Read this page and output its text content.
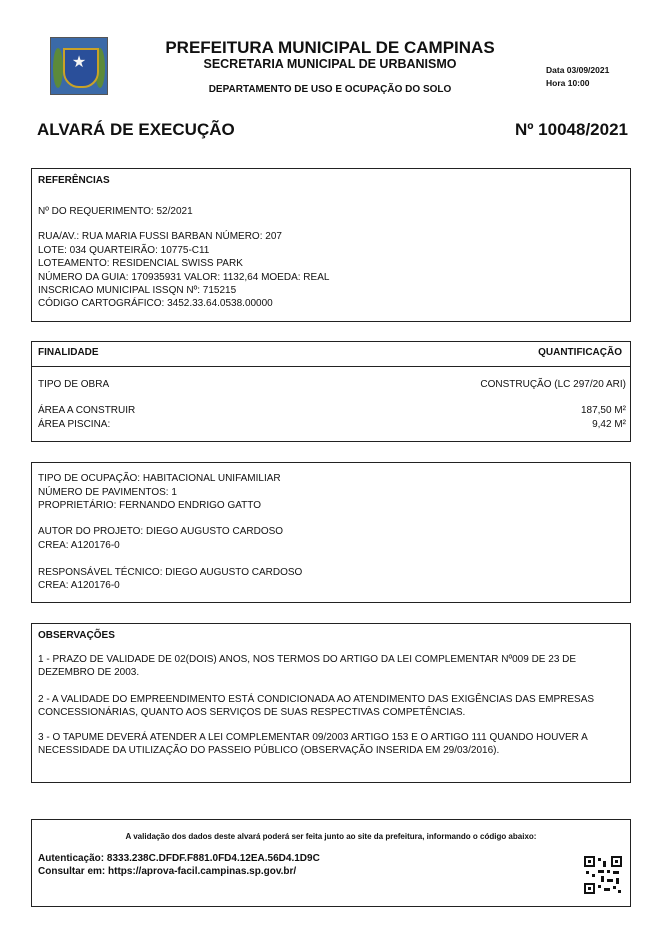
★
PREFEITURA MUNICIPAL DE CAMPINAS
SECRETARIA MUNICIPAL DE URBANISMO
DEPARTAMENTO DE USO E OCUPAÇÃO DO SOLO
Data 03/09/2021
Hora 10:00
ALVARÁ DE EXECUÇÃO	Nº 10048/2021
REFERÊNCIAS
Nº DO REQUERIMENTO: 52/2021
RUA/AV.: RUA MARIA FUSSI BARBAN NÚMERO: 207
LOTE: 034 QUARTEIRÃO: 10775-C11
LOTEAMENTO: RESIDENCIAL SWISS PARK
NÚMERO DA GUIA: 170935931 VALOR: 1132,64 MOEDA: REAL
INSCRICAO MUNICIPAL ISSQN Nº: 715215
CÓDIGO CARTOGRÁFICO: 3452.33.64.0538.00000
FINALIDADE	QUANTIFICAÇÃO
TIPO DE OBRA	CONSTRUÇÃO (LC 297/20 ARI)
ÁREA A CONSTRUIR	187,50 M²
ÁREA PISCINA:	9,42 M²
TIPO DE OCUPAÇÃO: HABITACIONAL UNIFAMILIAR
NÚMERO DE PAVIMENTOS: 1
PROPRIETÁRIO: FERNANDO ENDRIGO GATTO
AUTOR DO PROJETO: DIEGO AUGUSTO CARDOSO
CREA: A120176-0
RESPONSÁVEL TÉCNICO: DIEGO AUGUSTO CARDOSO
CREA: A120176-0
OBSERVAÇÕES
1 - PRAZO DE VALIDADE DE 02(DOIS) ANOS, NOS TERMOS DO ARTIGO DA LEI COMPLEMENTAR Nº009 DE 23 DE DEZEMBRO DE 2003.
2 - A VALIDADE DO EMPREENDIMENTO ESTÁ CONDICIONADA AO ATENDIMENTO DAS EXIGÊNCIAS DAS EMPRESAS CONCESSIONÁRIAS, QUANTO AOS SERVIÇOS DE SUAS RESPECTIVAS COMPETÊNCIAS.
3 - O TAPUME DEVERÁ ATENDER A LEI COMPLEMENTAR 09/2003 ARTIGO 153 E O ARTIGO 111 QUANDO HOUVER A NECESSIDADE DA UTILIZAÇÃO DO PASSEIO PÚBLICO (OBSERVAÇÃO INSERIDA EM 29/03/2016).
A validação dos dados deste alvará poderá ser feita junto ao site da prefeitura, informando o código abaixo:
Autenticação: 8333.238C.DFDF.F881.0FD4.12EA.56D4.1D9C
Consultar em: https://aprova-facil.campinas.sp.gov.br/
